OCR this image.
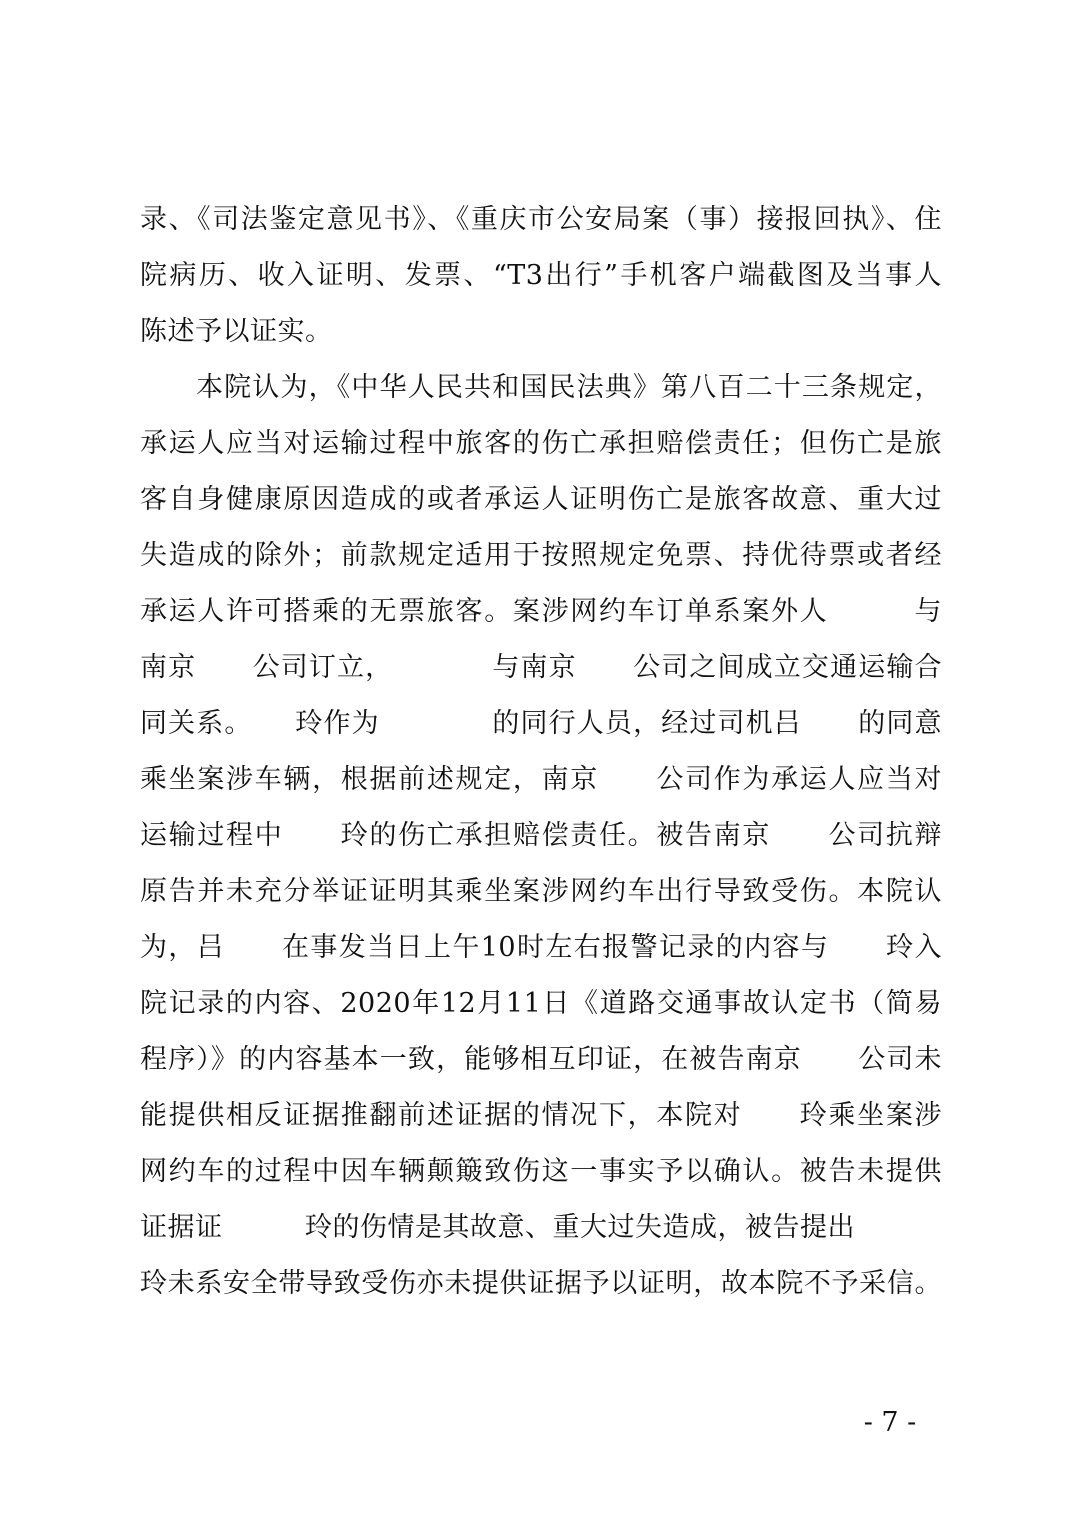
录、《司法鉴定意见书》、《重庆市公安局案（事）接报回执》、住
院病历、收入证明、发票、“T3出行”手机客户端截图及当事人
陈述予以证实。
本院认为，《中华人民共和国民法典》第八百二十三条规定，
承运人应当对运输过程中旅客的伤亡承担赔偿责任；但伤亡是旅
客自身健康原因造成的或者承运人证明伤亡是旅客故意、重大过
失造成的除外；前款规定适用于按照规定免票、持优待票或者经
承运人许可搭乘的无票旅客。案涉网约车订单系案外人　　　与
南京　　公司订立，　　　　与南京　　公司之间成立交通运输合
同关系。　　玲作为　　　　的同行人员，经过司机吕　　的同意
乘坐案涉车辆，根据前述规定，南京　　公司作为承运人应当对
运输过程中　　玲的伤亡承担赔偿责任。被告南京　　公司抗辩
原告并未充分举证证明其乘坐案涉网约车出行导致受伤。本院认
为，吕　　在事发当日上午10时左右报警记录的内容与　　玲入
院记录的内容、2020年12月11日《道路交通事故认定书（简易
程序）》的内容基本一致，能够相互印证，在被告南京　　公司未
能提供相反证据推翻前述证据的情况下，本院对　　玲乘坐案涉
网约车的过程中因车辆颠簸致伤这一事实予以确认。被告未提供
证据证　　　玲的伤情是其故意、重大过失造成，被告提出
玲未系安全带导致受伤亦未提供证据予以证明，故本院不予采信。
- 7 -
